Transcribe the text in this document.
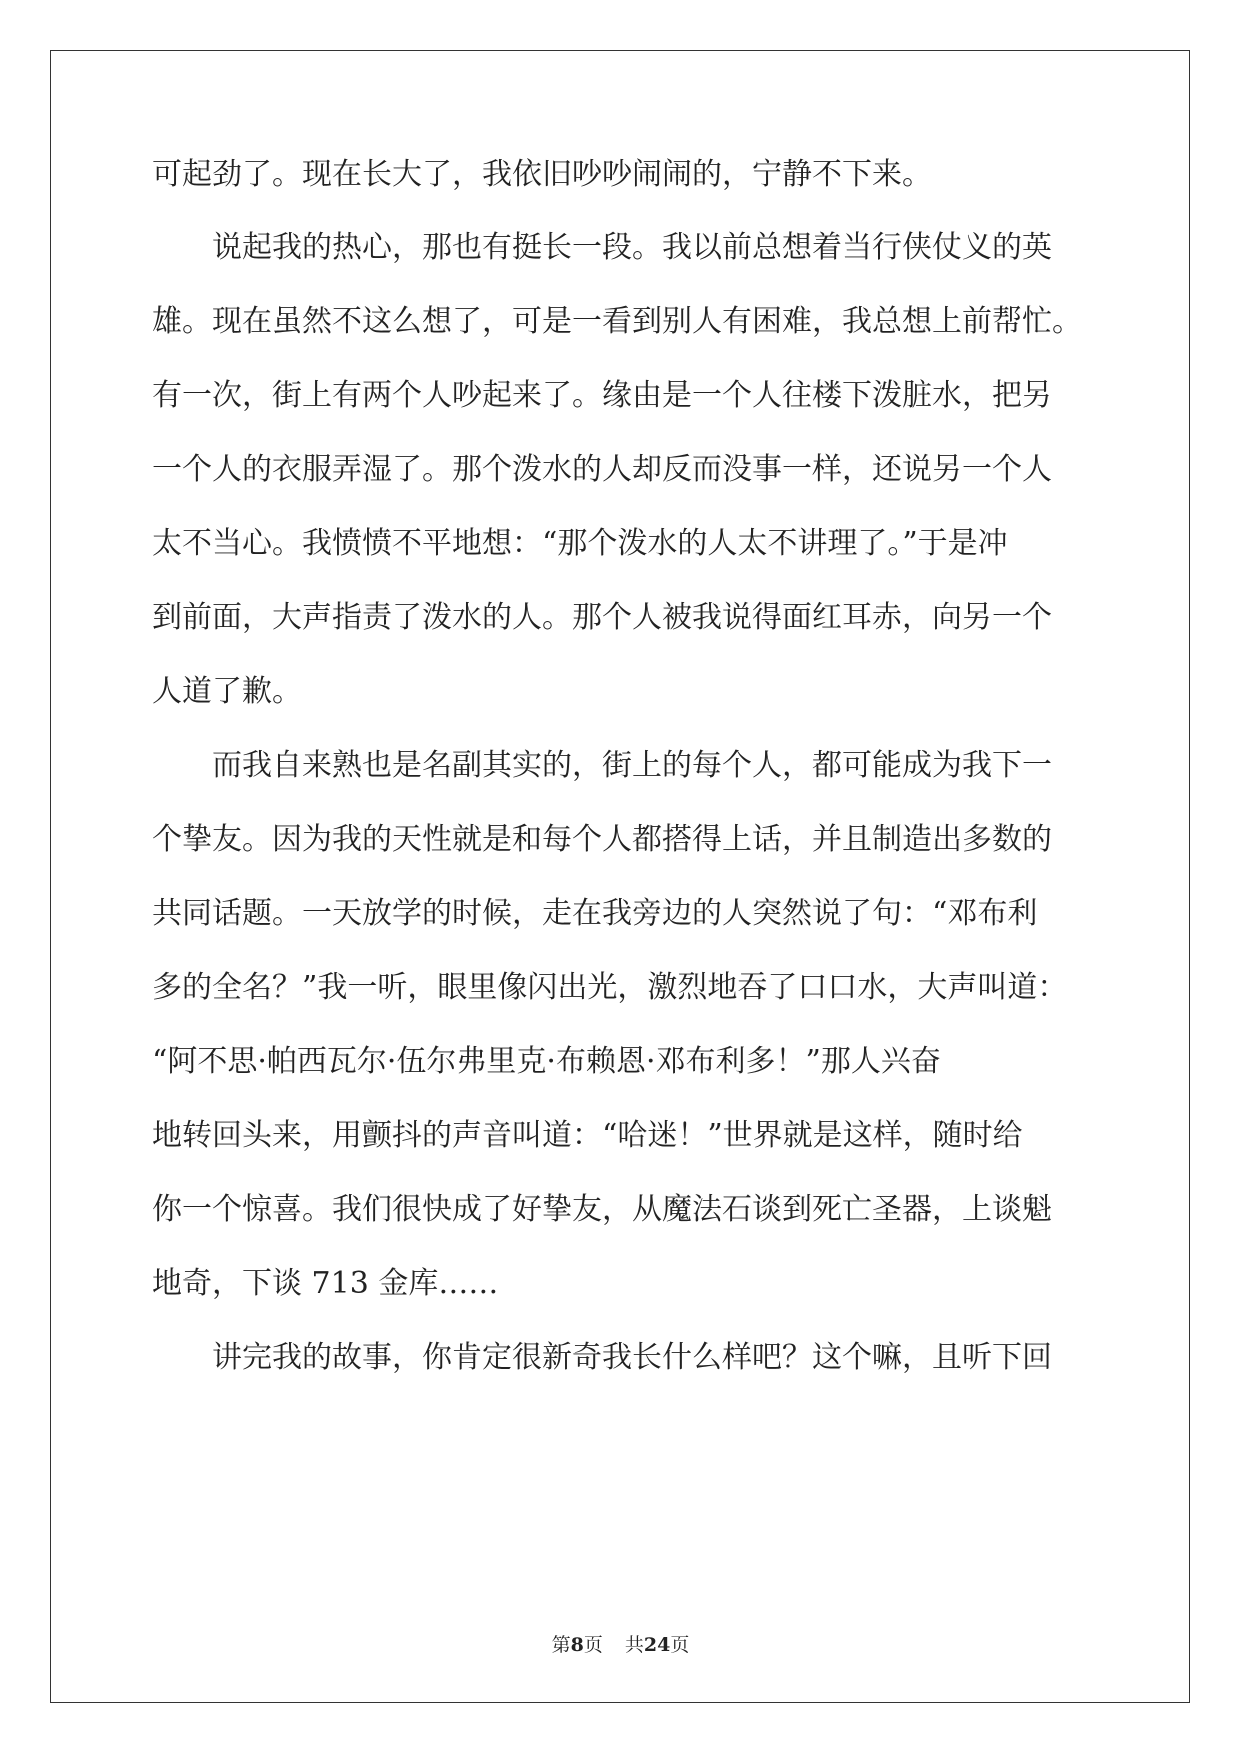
可起劲了。现在长大了，我依旧吵吵闹闹的，宁静不下来。

　　说起我的热心，那也有挺长一段。我以前总想着当行侠仗义的英

雄。现在虽然不这么想了，可是一看到别人有困难，我总想上前帮忙。

有一次，街上有两个人吵起来了。缘由是一个人往楼下泼脏水，把另

一个人的衣服弄湿了。那个泼水的人却反而没事一样，还说另一个人

太不当心。我愤愤不平地想：“那个泼水的人太不讲理了。”于是冲

到前面，大声指责了泼水的人。那个人被我说得面红耳赤，向另一个

人道了歉。

　　而我自来熟也是名副其实的，街上的每个人，都可能成为我下一

个挚友。因为我的天性就是和每个人都搭得上话，并且制造出多数的

共同话题。一天放学的时候，走在我旁边的人突然说了句：“邓布利

多的全名？”我一听，眼里像闪出光，激烈地吞了口口水，大声叫道：

“阿不思·帕西瓦尔·伍尔弗里克·布赖恩·邓布利多！”那人兴奋

地转回头来，用颤抖的声音叫道：“哈迷！”世界就是这样，随时给

你一个惊喜。我们很快成了好挚友，从魔法石谈到死亡圣器，上谈魁

地奇，下谈 713 金库……

　　讲完我的故事，你肯定很新奇我长什么样吧？这个嘛，且听下回

第8页 共24页
